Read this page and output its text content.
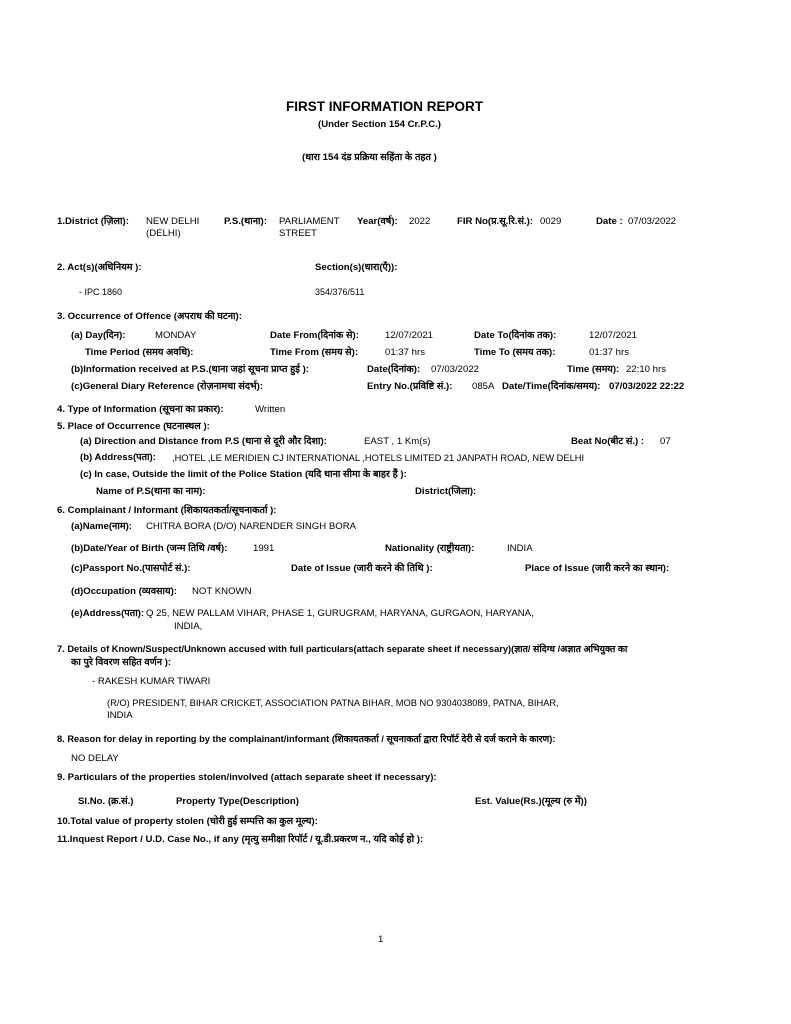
FIRST INFORMATION REPORT
(Under Section 154 Cr.P.C.)
(धारा 154 दंड प्रक्रिया सहिंता के तहत )
1.District (ज़िला): NEW DELHI
(DELHI)
P.S.(थाना): PARLIAMENT
STREET
Year(वर्ष): 2022	FIR No(प्र.सू.रि.सं.): 0029	Date : 07/03/2022
2. Act(s)(अधिनियम ):	Section(s)(धारा(एँ)):
- IPC 1860	354/376/511
3. Occurrence of Offence (अपराध की घटना):
(a) Day(दिन):	MONDAY	Date From(दिनांक से):	12/07/2021	Date To(दिनांक तक):	12/07/2021
Time Period (समय अवधि):	Time From (समय से):	01:37 hrs	Time To (समय तक):	01:37 hrs
(b)Information received at P.S.(थाना जहां सूचना प्राप्त हुई ):	Date(दिनांक): 07/03/2022	Time (समय): 22:10 hrs
(c)General Diary Reference (रोज़नामचा संदर्भ):	Entry No.(प्रविष्टि सं.): 085A Date/Time(दिनांक/समय): 07/03/2022 22:22
4. Type of Information (सूचना का प्रकार):	Written
5. Place of Occurrence (घटनास्थल ):
(a) Direction and Distance from P.S (थाना से दूरी और दिशा):	EAST , 1 Km(s)	Beat No(बीट सं.) : 07
(b) Address(पता): ,HOTEL ,LE MERIDIEN CJ INTERNATIONAL ,HOTELS LIMITED 21 JANPATH ROAD, NEW DELHI
(c) In case, Outside the limit of the Police Station (यदि थाना सीमा के बाहर हैं ):
Name of P.S(थाना का नाम):	District(जिला):
6. Complainant / Informant (शिकायतकर्ता/सूचनाकर्ता ):
(a)Name(नाम): CHITRA BORA (D/O) NARENDER SINGH BORA
(b)Date/Year of Birth (जन्म तिथि /वर्ष):	1991	Nationality (राष्ट्रीयता):	INDIA
(c)Passport No.(पासपोर्ट सं.):	Date of Issue (जारी करने की तिथि ):	Place of Issue (जारी करने का स्थान):
(d)Occupation (व्यवसाय): NOT KNOWN
(e)Address(पता): Q 25, NEW PALLAM VIHAR, PHASE 1, GURUGRAM, HARYANA, GURGAON, HARYANA,
INDIA,
7. Details of Known/Suspect/Unknown accused with full particulars(attach separate sheet if necessary)(ज्ञात/ संदिग्ध /अज्ञात अभियुक्त का
का पुरे विवरण सहित वर्णन ):
- RAKESH KUMAR TIWARI
(R/O) PRESIDENT, BIHAR CRICKET, ASSOCIATION PATNA BIHAR, MOB NO 9304038089, PATNA, BIHAR,
INDIA
8. Reason for delay in reporting by the complainant/informant (शिकायतकर्ता / सूचनाकर्ता द्वारा रिपॉर्ट देरी से दर्ज कराने के कारण):
NO DELAY
9. Particulars of the properties stolen/involved (attach separate sheet if necessary):
Sl.No. (क्र.सं.)	Property Type(Description)	Est. Value(Rs.)(मूल्य (रु में))
10.Total value of property stolen (चोरी हुई सम्पत्ति का कुल मूल्य):
11.Inquest Report / U.D. Case No., if any (मृत्यु समीक्षा रिपॉर्ट / यू.डी.प्रकरण न., यदि कोई हो ):
1
